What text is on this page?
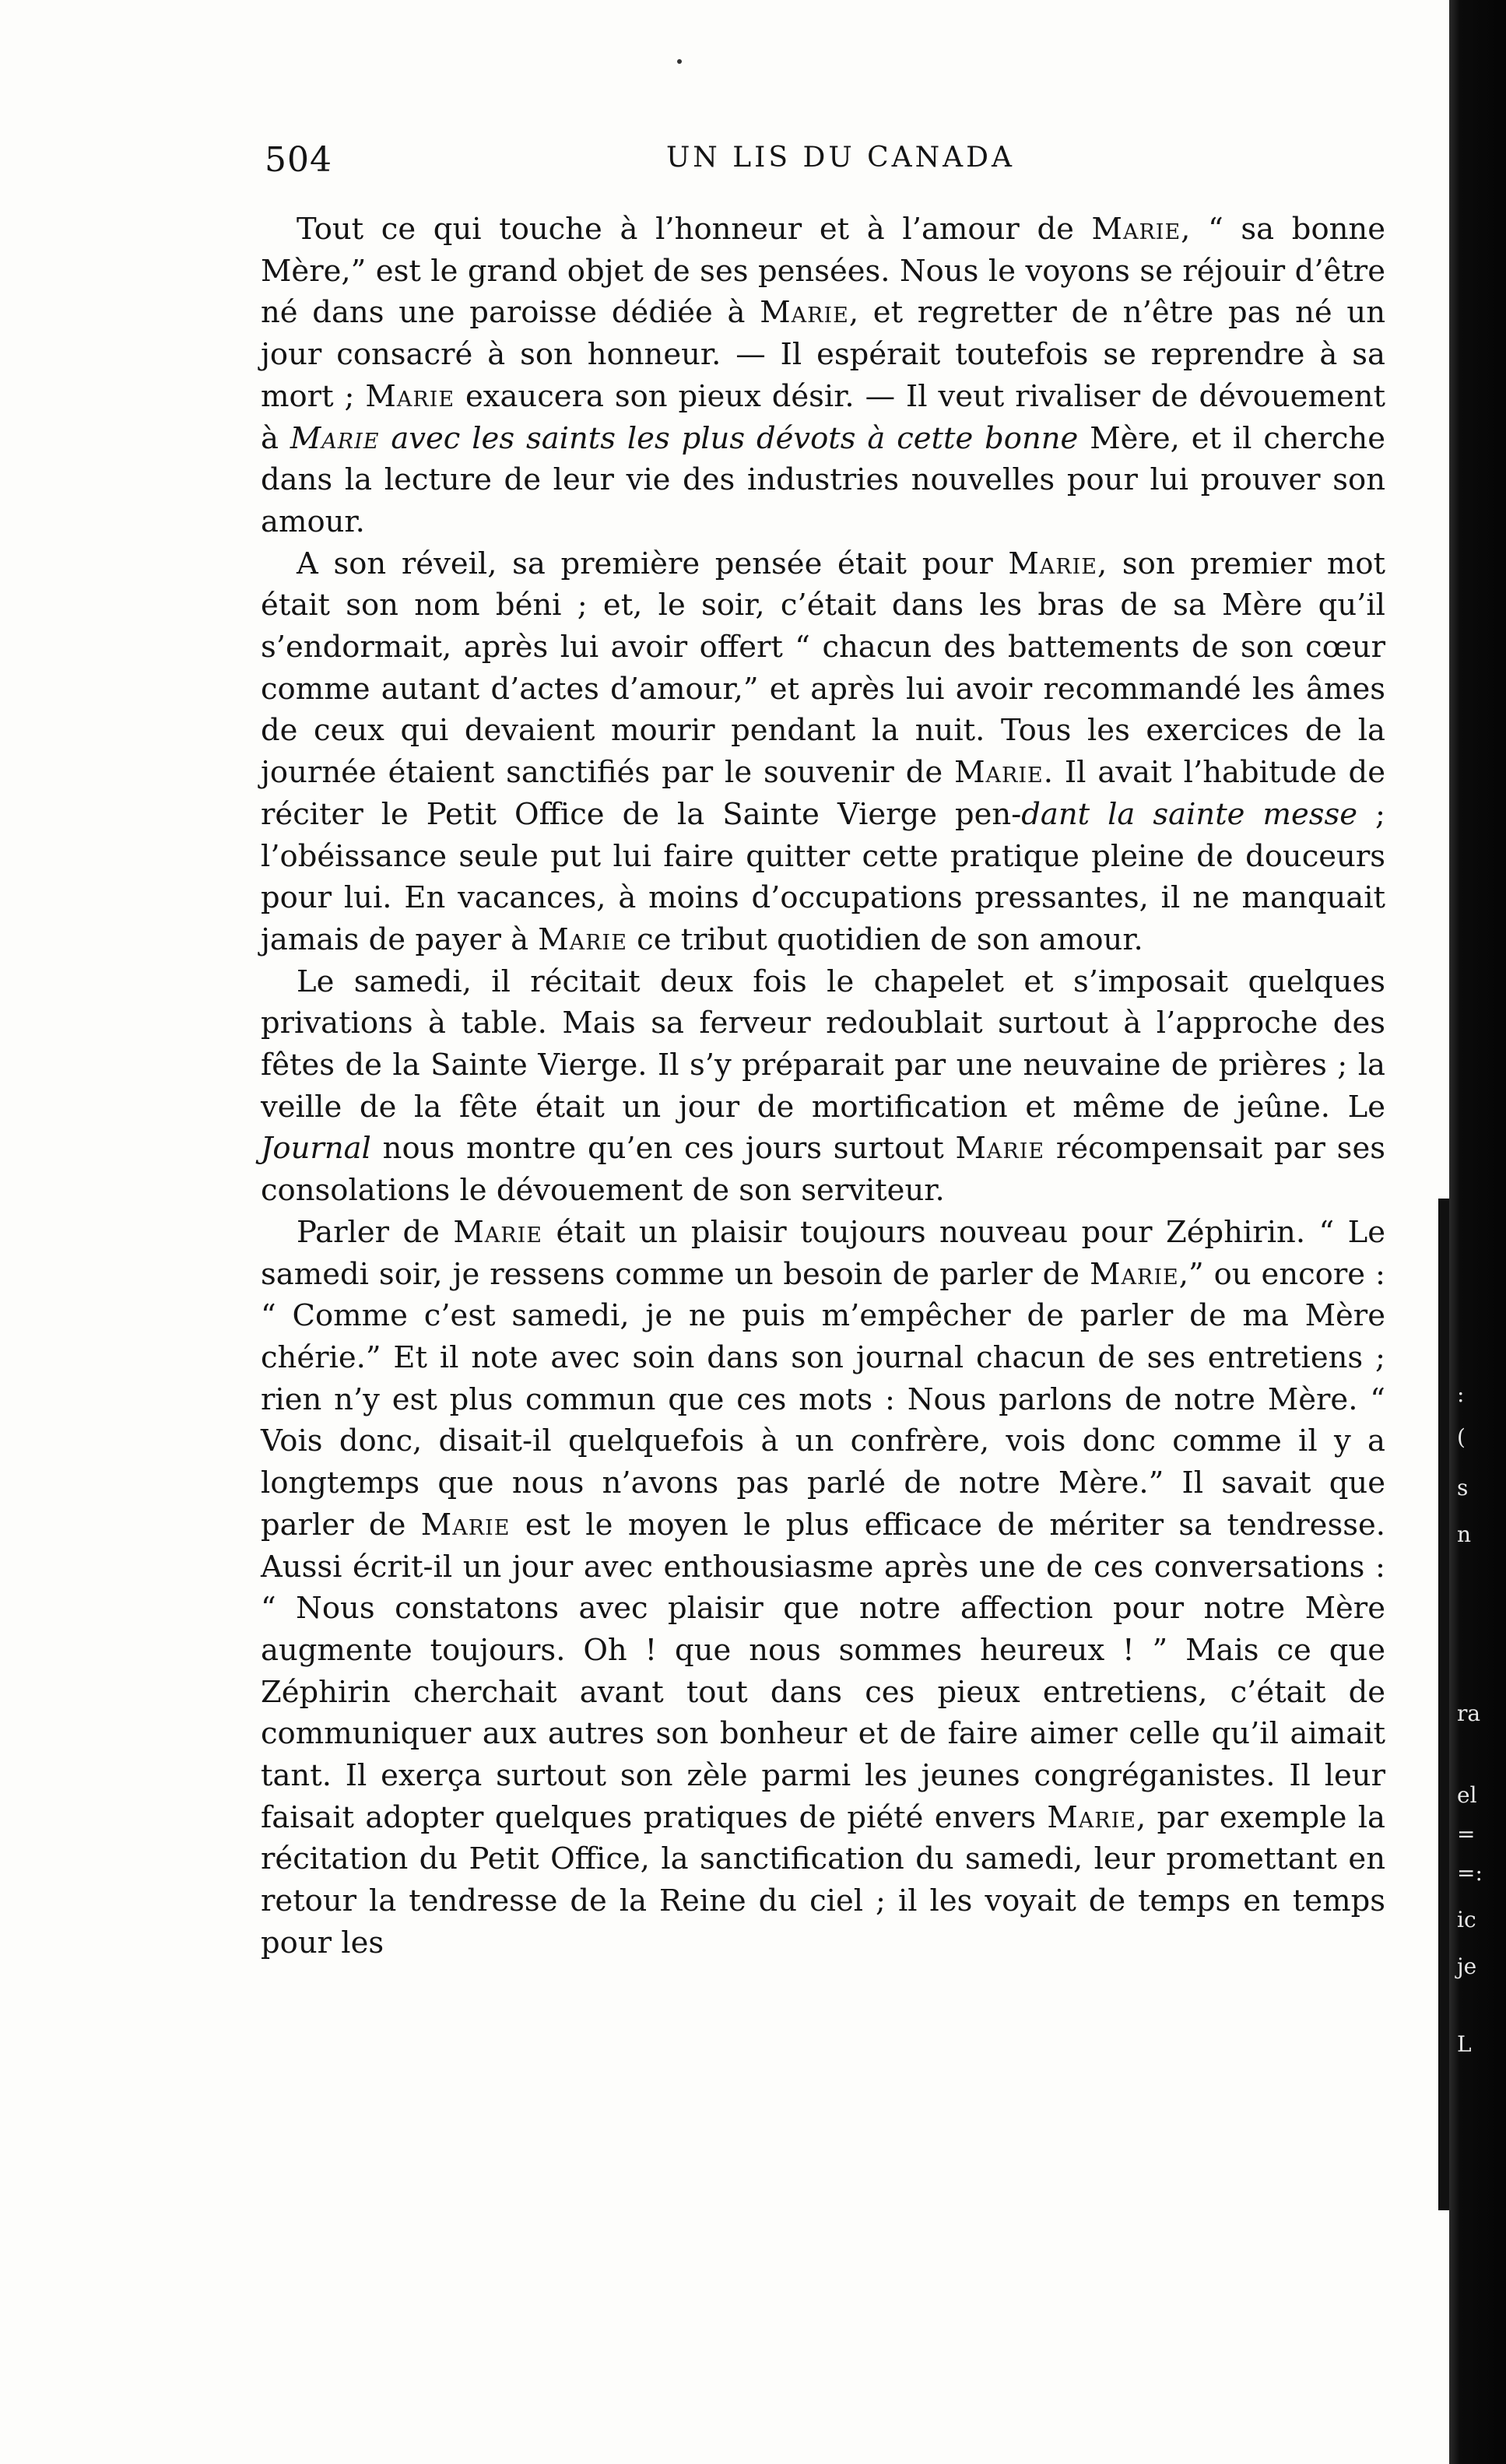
504	UN LIS DU CANADA

Tout ce qui touche à l’honneur et à l’amour de Marie, “ sa bonne Mère,” est le grand objet de ses pensées. Nous le voyons se réjouir d’être né dans une paroisse dédiée à Marie, et regretter de n’être pas né un jour consacré à son honneur. — Il espérait toutefois se reprendre à sa mort ; Marie exaucera son pieux désir. — Il veut rivaliser de dévouement à Marie avec les saints les plus dévots à cette bonne Mère, et il cherche dans la lecture de leur vie des industries nouvelles pour lui prouver son amour.

A son réveil, sa première pensée était pour Marie, son premier mot était son nom béni ; et, le soir, c’était dans les bras de sa Mère qu’il s’endormait, après lui avoir offert “ chacun des battements de son cœur comme autant d’actes d’amour,” et après lui avoir recommandé les âmes de ceux qui devaient mourir pendant la nuit. Tous les exercices de la journée étaient sanctifiés par le souvenir de Marie. Il avait l’habitude de réciter le Petit Office de la Sainte Vierge pen-dant la sainte messe ; l’obéissance seule put lui faire quitter cette pratique pleine de douceurs pour lui. En vacances, à moins d’occupations pressantes, il ne manquait jamais de payer à Marie ce tribut quotidien de son amour.

Le samedi, il récitait deux fois le chapelet et s’imposait quelques privations à table. Mais sa ferveur redoublait surtout à l’approche des fêtes de la Sainte Vierge. Il s’y préparait par une neuvaine de prières ; la veille de la fête était un jour de mortification et même de jeûne. Le Journal nous montre qu’en ces jours surtout Marie récompensait par ses consolations le dévouement de son serviteur.

Parler de Marie était un plaisir toujours nouveau pour Zéphirin. “ Le samedi soir, je ressens comme un besoin de parler de Marie,” ou encore : “ Comme c’est samedi, je ne puis m’empêcher de parler de ma Mère chérie.” Et il note avec soin dans son journal chacun de ses entretiens ; rien n’y est plus commun que ces mots : Nous parlons de notre Mère. “ Vois donc, disait-il quelquefois à un confrère, vois donc comme il y a longtemps que nous n’avons pas parlé de notre Mère.” Il savait que parler de Marie est le moyen le plus efficace de mériter sa tendresse. Aussi écrit-il un jour avec enthousiasme après une de ces conversations : “ Nous constatons avec plaisir que notre affection pour notre Mère augmente toujours. Oh ! que nous sommes heureux ! ” Mais ce que Zéphirin cherchait avant tout dans ces pieux entretiens, c’était de communiquer aux autres son bonheur et de faire aimer celle qu’il aimait tant. Il exerça surtout son zèle parmi les jeunes congréganistes. Il leur faisait adopter quelques pratiques de piété envers Marie, par exemple la récitation du Petit Office, la sanctification du samedi, leur promettant en retour la tendresse de la Reine du ciel ; il les voyait de temps en temps pour les

:
(
s
n
ra
el
=
=:
ic
je
L
